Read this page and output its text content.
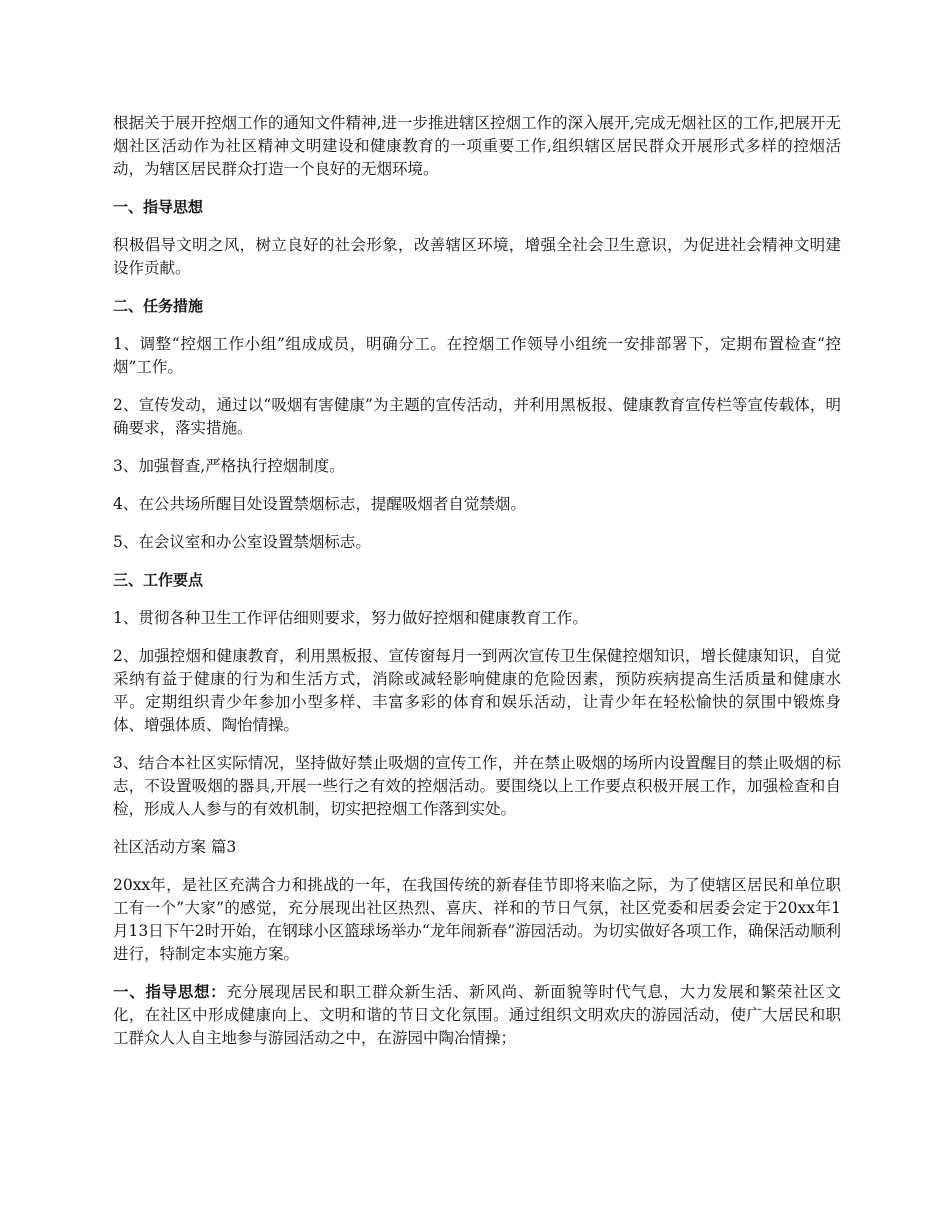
根据关于展开控烟工作的通知文件精神,进一步推进辖区控烟工作的深入展开,完成无烟社区的工作,把展开无烟社区活动作为社区精神文明建设和健康教育的一项重要工作,组织辖区居民群众开展形式多样的控烟活动，为辖区居民群众打造一个良好的无烟环境。

一、指导思想

积极倡导文明之风，树立良好的社会形象，改善辖区环境，增强全社会卫生意识，为促进社会精神文明建设作贡献。

二、任务措施

1、调整“控烟工作小组”组成成员，明确分工。在控烟工作领导小组统一安排部署下，定期布置检查“控烟”工作。

2、宣传发动，通过以“吸烟有害健康”为主题的宣传活动，并利用黑板报、健康教育宣传栏等宣传载体，明确要求，落实措施。

3、加强督查,严格执行控烟制度。

4、在公共场所醒目处设置禁烟标志，提醒吸烟者自觉禁烟。

5、在会议室和办公室设置禁烟标志。

三、工作要点

1、贯彻各种卫生工作评估细则要求，努力做好控烟和健康教育工作。

2、加强控烟和健康教育，利用黑板报、宣传窗每月一到两次宣传卫生保健控烟知识，增长健康知识，自觉采纳有益于健康的行为和生活方式，消除或减轻影响健康的危险因素，预防疾病提高生活质量和健康水平。定期组织青少年参加小型多样、丰富多彩的体育和娱乐活动，让青少年在轻松愉快的氛围中锻炼身体、增强体质、陶怡情操。

3、结合本社区实际情况，坚持做好禁止吸烟的宣传工作，并在禁止吸烟的场所内设置醒目的禁止吸烟的标志，不设置吸烟的器具,开展一些行之有效的控烟活动。要围绕以上工作要点积极开展工作，加强检查和自检，形成人人参与的有效机制，切实把控烟工作落到实处。

社区活动方案 篇3

20xx年，是社区充满合力和挑战的一年，在我国传统的新春佳节即将来临之际，为了使辖区居民和单位职工有一个”大家”的感觉，充分展现出社区热烈、喜庆、祥和的节日气氛，社区党委和居委会定于20xx年1月13日下午2时开始，在钢球小区篮球场举办“龙年闹新春”游园活动。为切实做好各项工作，确保活动顺利进行，特制定本实施方案。

一、指导思想：充分展现居民和职工群众新生活、新风尚、新面貌等时代气息，大力发展和繁荣社区文化，在社区中形成健康向上、文明和谐的节日文化氛围。通过组织文明欢庆的游园活动，使广大居民和职工群众人人自主地参与游园活动之中，在游园中陶冶情操；
